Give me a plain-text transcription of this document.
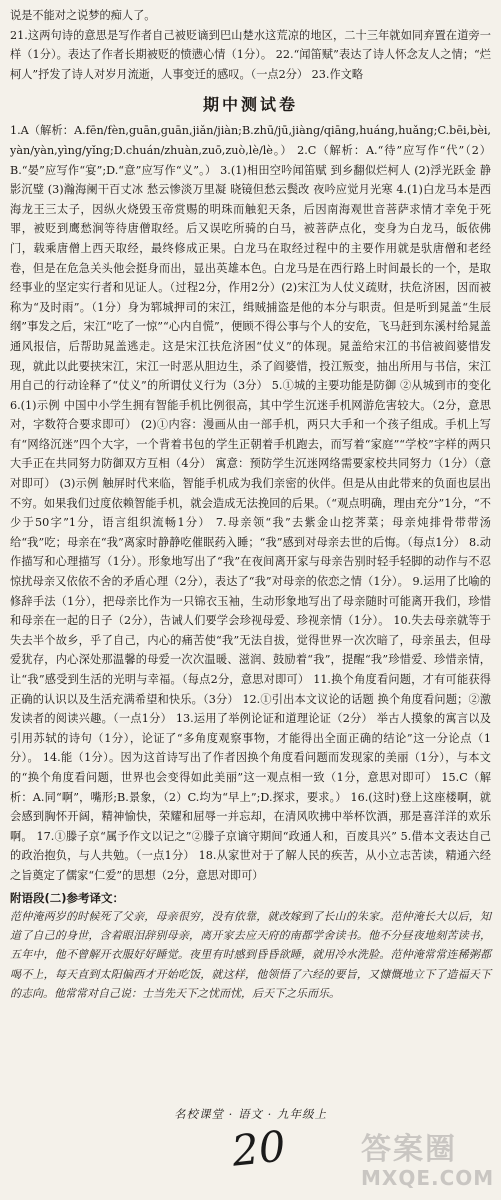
说是不能对之说梦的痴人了。

21.这两句诗的意思是写作者自己被贬谪到巴山楚水这荒凉的地区，二十三年就如同弃置在道旁一样（1分）。表达了作者长期被贬的愤懑心情（1分）。 22.“闻笛赋”表达了诗人怀念友人之情；“烂柯人”抒发了诗人对岁月流逝，人事变迁的感叹。（一点2分） 23.作文略

期中测试卷

1.A（解析：A.fēn/fèn,guān,guān,jiǎn/jiàn;B.zhū/jū,jiàng/qiāng,huáng,huǎng;C.bēi,bèi,yàn/yàn,yìng/yǐng;D.chuán/zhuàn,zuō,zuò,lè/lè。） 2.C（解析：A.“待”应写作“代”（2）B.“晏”应写作“宴”;D.“意”应写作“义”。） 3.(1)相田空吟闻笛赋 到乡翻似烂柯人 (2)浮光跃金 静影沉璧 (3)瀚海阑干百丈冰 愁云惨淡万里凝 晓镜但愁云鬓改 夜吟应觉月光寒 4.(1)白龙马本是西海龙王三太子，因纵火烧毁玉帝赏赐的明珠而触犯天条，后因南海观世音菩萨求情才幸免于死罪，被贬到鹰愁涧等待唐僧取经。后又误吃所骑的白马，被菩萨点化，变身为白龙马，皈依佛门，载乘唐僧上西天取经，最终修成正果。白龙马在取经过程中的主要作用就是驮唐僧和老经卷，但是在危急关头他会挺身而出，显出英雄本色。白龙马是在西行路上时间最长的一个，是取经事业的坚定实行者和见证人。（过程2分，作用2分）(2)宋江为人仗义疏财，扶危济困，因而被称为“及时雨”。（1分）身为郓城押司的宋江，缉贼捕盗是他的本分与职责。但是听到晁盖“生辰纲”事发之后，宋江“吃了一惊”“心内自慌”，便顾不得公事与个人的安危，飞马赶到东溪村给晁盖通风报信，后帮助晁盖逃走。这是宋江扶危济困“仗义”的体现。晁盖给宋江的书信被阎婆惜发现，就此以此要挟宋江，宋江一时恶从胆边生，杀了阎婆惜，投江叛变，抽出所用与书信，宋江用自己的行动诠释了“仗义”的所谓仗义行为（3分） 5.①城的主要功能是防御 ②从城到市的变化 6.(1)示例 中国中小学生拥有智能手机比例很高，其中学生沉迷手机网游危害较大。（2分，意思对，字数符合要求即可） (2)①内容：漫画从由一部手机，两只大手和一个孩子组成。手机上写有“网络沉迷”四个大字，一个背着书包的学生正朝着手机跑去，而写着“家庭”“学校”字样的两只大手正在共同努力防御双方互相（4分） 寓意：预防学生沉迷网络需要家校共同努力（1分）（意对即可） (3)示例 触屏时代来临，智能手机成为我们亲密的伙伴。但是从由此带来的负面也层出不穷。如果我们过度依赖智能手机，就会造成无法挽回的后果。（“观点明确，理由充分”1分，“不少于50字”1分，语言组织流畅1分） 7.母亲领“我”去紫金山挖荠菜；母亲炖排骨带带汤给“我”吃；母亲在“我”离家时静静吃催眠药入睡；“我”感到对母亲去世的后悔。（每点1分） 8.动作描写和心理描写（1分）。形象地写出了“我”在夜间离开家与母亲告别时轻手轻脚的动作与不忍惊扰母亲又依依不舍的矛盾心理（2分），表达了“我”对母亲的依恋之情（1分）。 9.运用了比喻的修辞手法（1分），把母亲比作为一只锦衣玉袖，生动形象地写出了母亲随时可能离开我们，珍惜和母亲在一起的日子（2分），告诫人们要学会珍视母爱、珍视亲情（1分）。 10.失去母亲就等于失去半个故乡，乎了自己，内心的痛苦使“我”无法自拔，觉得世界一次次暗了，母亲虽去，但母爱犹存，内心深处那温馨的母爱一次次温暖、滋润、鼓励着“我”，提醒“我”珍惜爱、珍惜亲情，让“我”感受到生活的光明与幸福。（每点2分，意思对即可） 11.换个角度看问题，才有可能获得正确的认识以及生活充满希望和快乐。（3分） 12.①引出本文议论的话题 换个角度看问题；②激发读者的阅读兴趣。（一点1分） 13.运用了举例论证和道理论证（2分） 举古人摸象的寓言以及引用苏轼的诗句（1分），论证了“多角度观察事物，才能得出全面正确的结论”这一分论点（1分）。 14.能（1分）。因为这首诗写出了作者因换个角度看问题而发现家的美丽（1分），与本文的“换个角度看问题，世界也会变得如此美丽”这一观点相一致（1分，意思对即可） 15.C（解析：A.同“啊”，嘴形;B.景象，（2）C.均为“早上”;D.探求，要求。） 16.(这时)登上这座楼啊，就会感到胸怀开阔，精神愉快，荣耀和屈辱一并忘却，在清风吹拂中举杯饮酒，那是喜洋洋的欢乐啊。 17.①滕子京“属予作文以记之”②滕子京谪守期间“政通人和，百废具兴” 5.借本文表达自己的政治抱负，与人共勉。（一点1分） 18.从家世对于了解人民的疾苦，从小立志苦读，精通六经之旨奠定了儒家“仁爱”的思想（2分，意思对即可）

附语段(二)参考译文：

范仲淹两岁的时候死了父亲，母亲很穷，没有依靠，就改嫁到了长山的朱家。范仲淹长大以后，知道了自己的身世，含着眼泪辞别母亲，离开家去应天府的南都学舍读书。他不分昼夜地刻苦读书，五年中，他不曾解开衣服好好睡觉。夜里有时感到昏昏欲睡，就用冷水洗脸。范仲淹常常连稀粥都喝不上，每天直到太阳偏西才开始吃饭，就这样，他领悟了六经的要旨，又慷慨地立下了造福天下的志向。他常常对自己说：士当先天下之忧而忧，后天下之乐而乐。

名校课堂 · 语文 · 九年级上
20 答案圈
MXQE.COM
